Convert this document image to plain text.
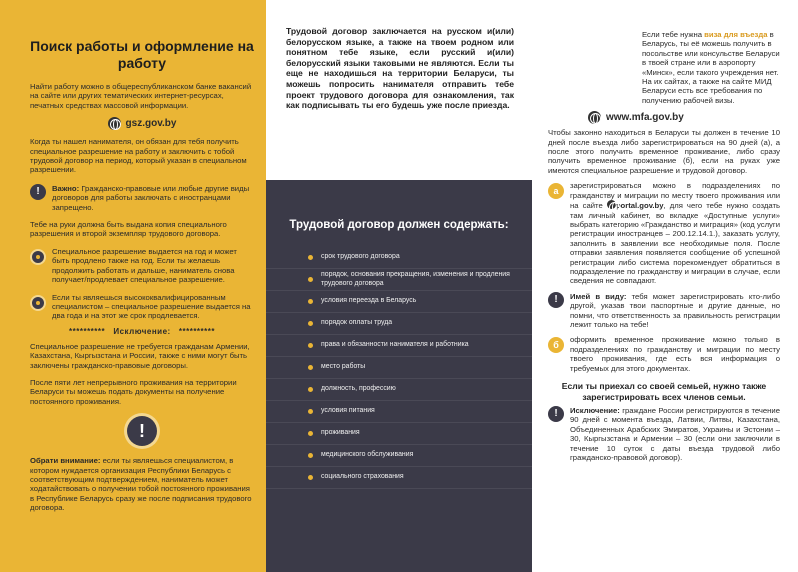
Поиск работы и оформление на работу

Найти работу можно в общереспубликанском банке вакансий на сайте или других тематических интернет-ресурсах, печатных средствах массовой информации.

gsz.gov.by

Когда ты нашел нанимателя, он обязан для тебя получить специальное разрешение на работу и заключить с тобой трудовой договор на период, который указан в специальном разрешении.

!	Важно: Гражданско-правовые или любые другие виды договоров для работы заключать с иностранцами запрещено.

Тебе на руки должна быть выдана копия специального разрешения и второй экземпляр трудового договора.

Специальное разрешение выдается на год и может быть продлено также на год. Если ты желаешь продолжить работать и дальше, наниматель снова получает/продлевает специальное разрешение.

Если ты являешься высококвалифицированным специалистом – специальное разрешение выдается на два года и на этот же срок продлевается.

********** Исключение: **********

Специальное разрешение не требуется гражданам Армении, Казахстана, Кыргызстана и России, также с ними могут быть заключены гражданско-правовые договоры.

После пяти лет непрерывного проживания на территории Беларуси ты можешь подать документы на получение постоянного проживания.

!

Обрати внимание: если ты являешься специалистом, в котором нуждается организация Республики Беларусь с соответствующим подтверждением, наниматель может ходатайствовать о получении тобой постоянного проживания в Республике Беларусь сразу же после подписания трудового договора.

Трудовой договор заключается на русском и(или) белорусском языке, а также на твоем родном или понятном тебе языке, если русский и(или) белорусский языки таковыми не являются. Если ты еще не находишься на территории Беларуси, ты можешь попросить нанимателя отправить тебе проект трудового договора для ознакомления, так как подписывать ты его будешь уже после приезда.

Трудовой договор должен содержать:
срок трудового договора
порядок, основания прекращения, изменения и продления трудового договора
условия переезда в Беларусь
порядок оплаты труда
права и обязанности нанимателя и работника
место работы
должность, профессию
условия питания
проживания
медицинского обслуживания
социального страхования

Если тебе нужна виза для въезда в Беларусь, ты её можешь получить в посольстве или консульстве Беларуси в твоей стране или в аэропорту «Минск», если такого учреждения нет. На их сайтах, а также на сайте МИД Беларуси есть все требования по получению рабочей визы.

www.mfa.gov.by

Чтобы законно находиться в Беларуси ты должен в течение 10 дней после въезда либо зарегистрироваться на 90 дней (а), а после этого получить временное проживание, либо сразу получить временное проживание (б), если на руках уже имеются специальное разрешение и трудовой договор.

а

зарегистрироваться можно в подразделениях по гражданству и миграции по месту твоего проживания или на сайте portal.gov.by, для чего тебе нужно создать там личный кабинет, во вкладке «Доступные услуги» выбрать категорию «Гражданство и миграция» (код услуги регистрации иностранцев – 200.12.14.1.), заказать услугу, заполнить в заявлении все необходимые поля. После отправки заявления появляется сообщение об успешной регистрации либо система порекомендует обратиться в подразделение по гражданству и миграции в случае, если сведения не совпадают.

!	Имей в виду: тебя может зарегистрировать кто-либо другой, указав твои паспортные и другие данные, но помни, что ответственность за правильность регистрации лежит только на тебе!

б

оформить временное проживание можно только в подразделениях по гражданству и миграции по месту твоего проживания, где есть вся информация о требуемых для этого документах.

Если ты приехал со своей семьей, нужно также зарегистрировать всех членов семьи.
!	Исключение: граждане России регистрируются в течение 90 дней с момента въезда, Латвии, Литвы, Казахстана, Объединенных Арабских Эмиратов, Украины и Эстонии – 30, Кыргызстана и Армении – 30 (если они заключили в течение 10 суток с даты въезда трудовой либо гражданско-правовой договор).
